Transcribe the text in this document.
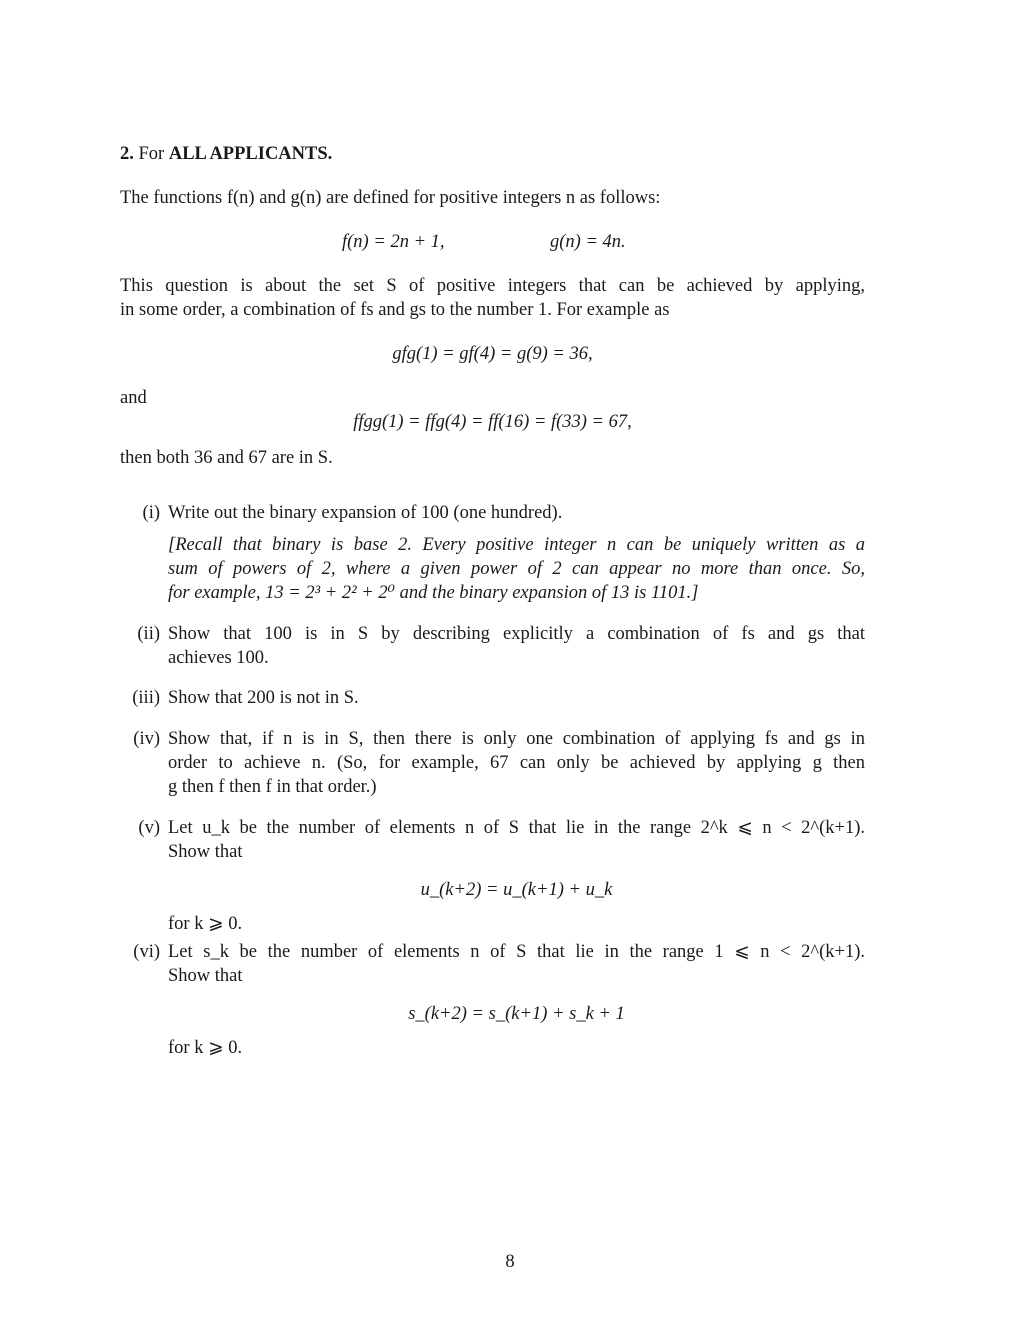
2. For ALL APPLICANTS.
The functions f(n) and g(n) are defined for positive integers n as follows:
f(n) = 2n + 1,	g(n) = 4n.
This question is about the set S of positive integers that can be achieved by applying,
in some order, a combination of fs and gs to the number 1. For example as
gfg(1) = gf(4) = g(9) = 36,
and
ffgg(1) = ffg(4) = ff(16) = f(33) = 67,
then both 36 and 67 are in S.
(i) Write out the binary expansion of 100 (one hundred).
[Recall that binary is base 2. Every positive integer n can be uniquely written as a
sum of powers of 2, where a given power of 2 can appear no more than once. So,
for example, 13 = 2³ + 2² + 2⁰ and the binary expansion of 13 is 1101.]
(ii) Show that 100 is in S by describing explicitly a combination of fs and gs that
achieves 100.
(iii) Show that 200 is not in S.
(iv) Show that, if n is in S, then there is only one combination of applying fs and gs in
order to achieve n. (So, for example, 67 can only be achieved by applying g then
g then f then f in that order.)
(v) Let u_k be the number of elements n of S that lie in the range 2^k ⩽ n < 2^(k+1).
Show that
u_(k+2) = u_(k+1) + u_k
for k ⩾ 0.
(vi) Let s_k be the number of elements n of S that lie in the range 1 ⩽ n < 2^(k+1).
Show that
s_(k+2) = s_(k+1) + s_k + 1
for k ⩾ 0.
8
